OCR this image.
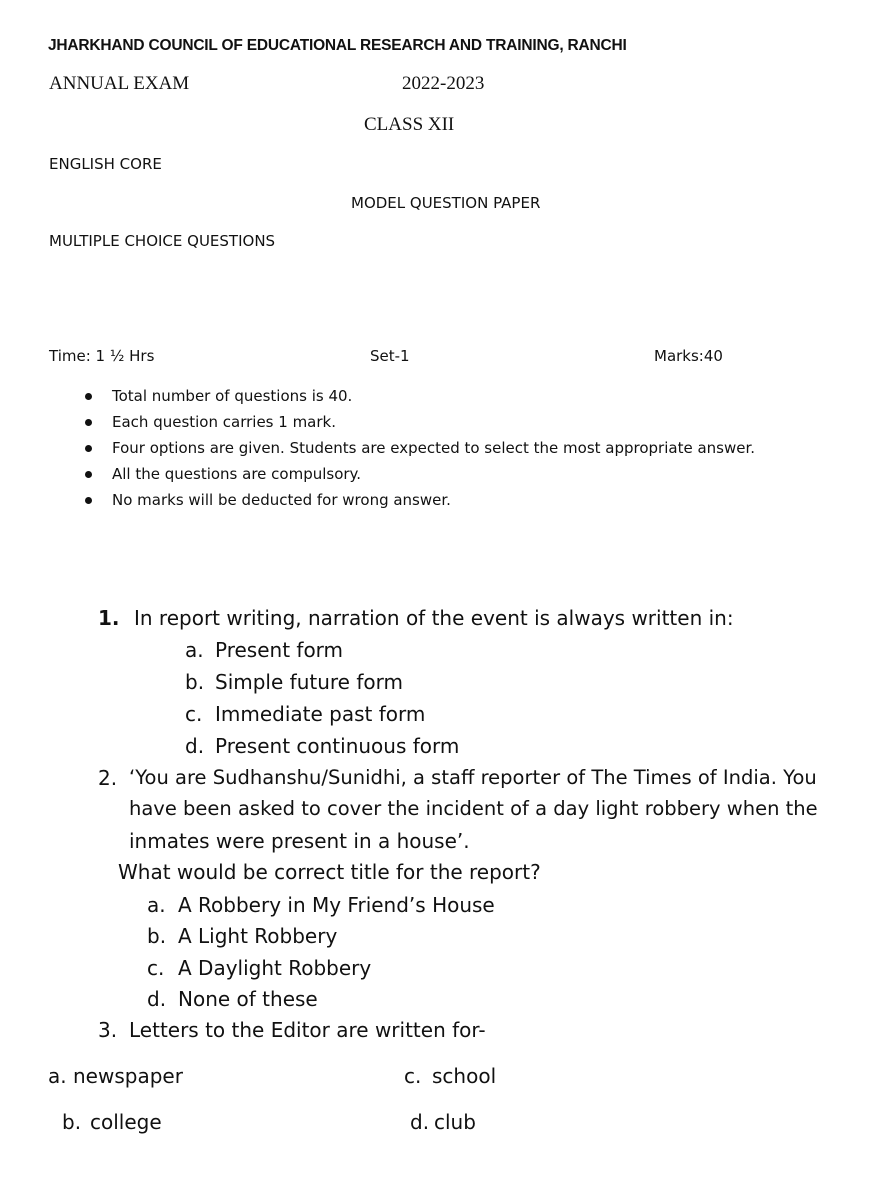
JHARKHAND COUNCIL OF EDUCATIONAL RESEARCH AND TRAINING, RANCHI
ANNUAL EXAM	2022-2023
CLASS XII
ENGLISH CORE
MODEL QUESTION PAPER
MULTIPLE CHOICE QUESTIONS
Time: 1 ½ Hrs	Set-1	Marks:40
Total number of questions is 40.
Each question carries 1 mark.
Four options are given. Students are expected to select the most appropriate answer.
All the questions are compulsory.
No marks will be deducted for wrong answer.
1. In report writing, narration of the event is always written in:
a. Present form
b. Simple future form
c. Immediate past form
d. Present continuous form
2. ‘You are Sudhanshu/Sunidhi, a staff reporter of The Times of India. You
have been asked to cover the incident of a day light robbery when the
inmates were present in a house’.
What would be correct title for the report?
a. A Robbery in My Friend’s House
b. A Light Robbery
c. A Daylight Robbery
d. None of these
3. Letters to the Editor are written for-
a. newspaper
b. college
c. school
d. club
